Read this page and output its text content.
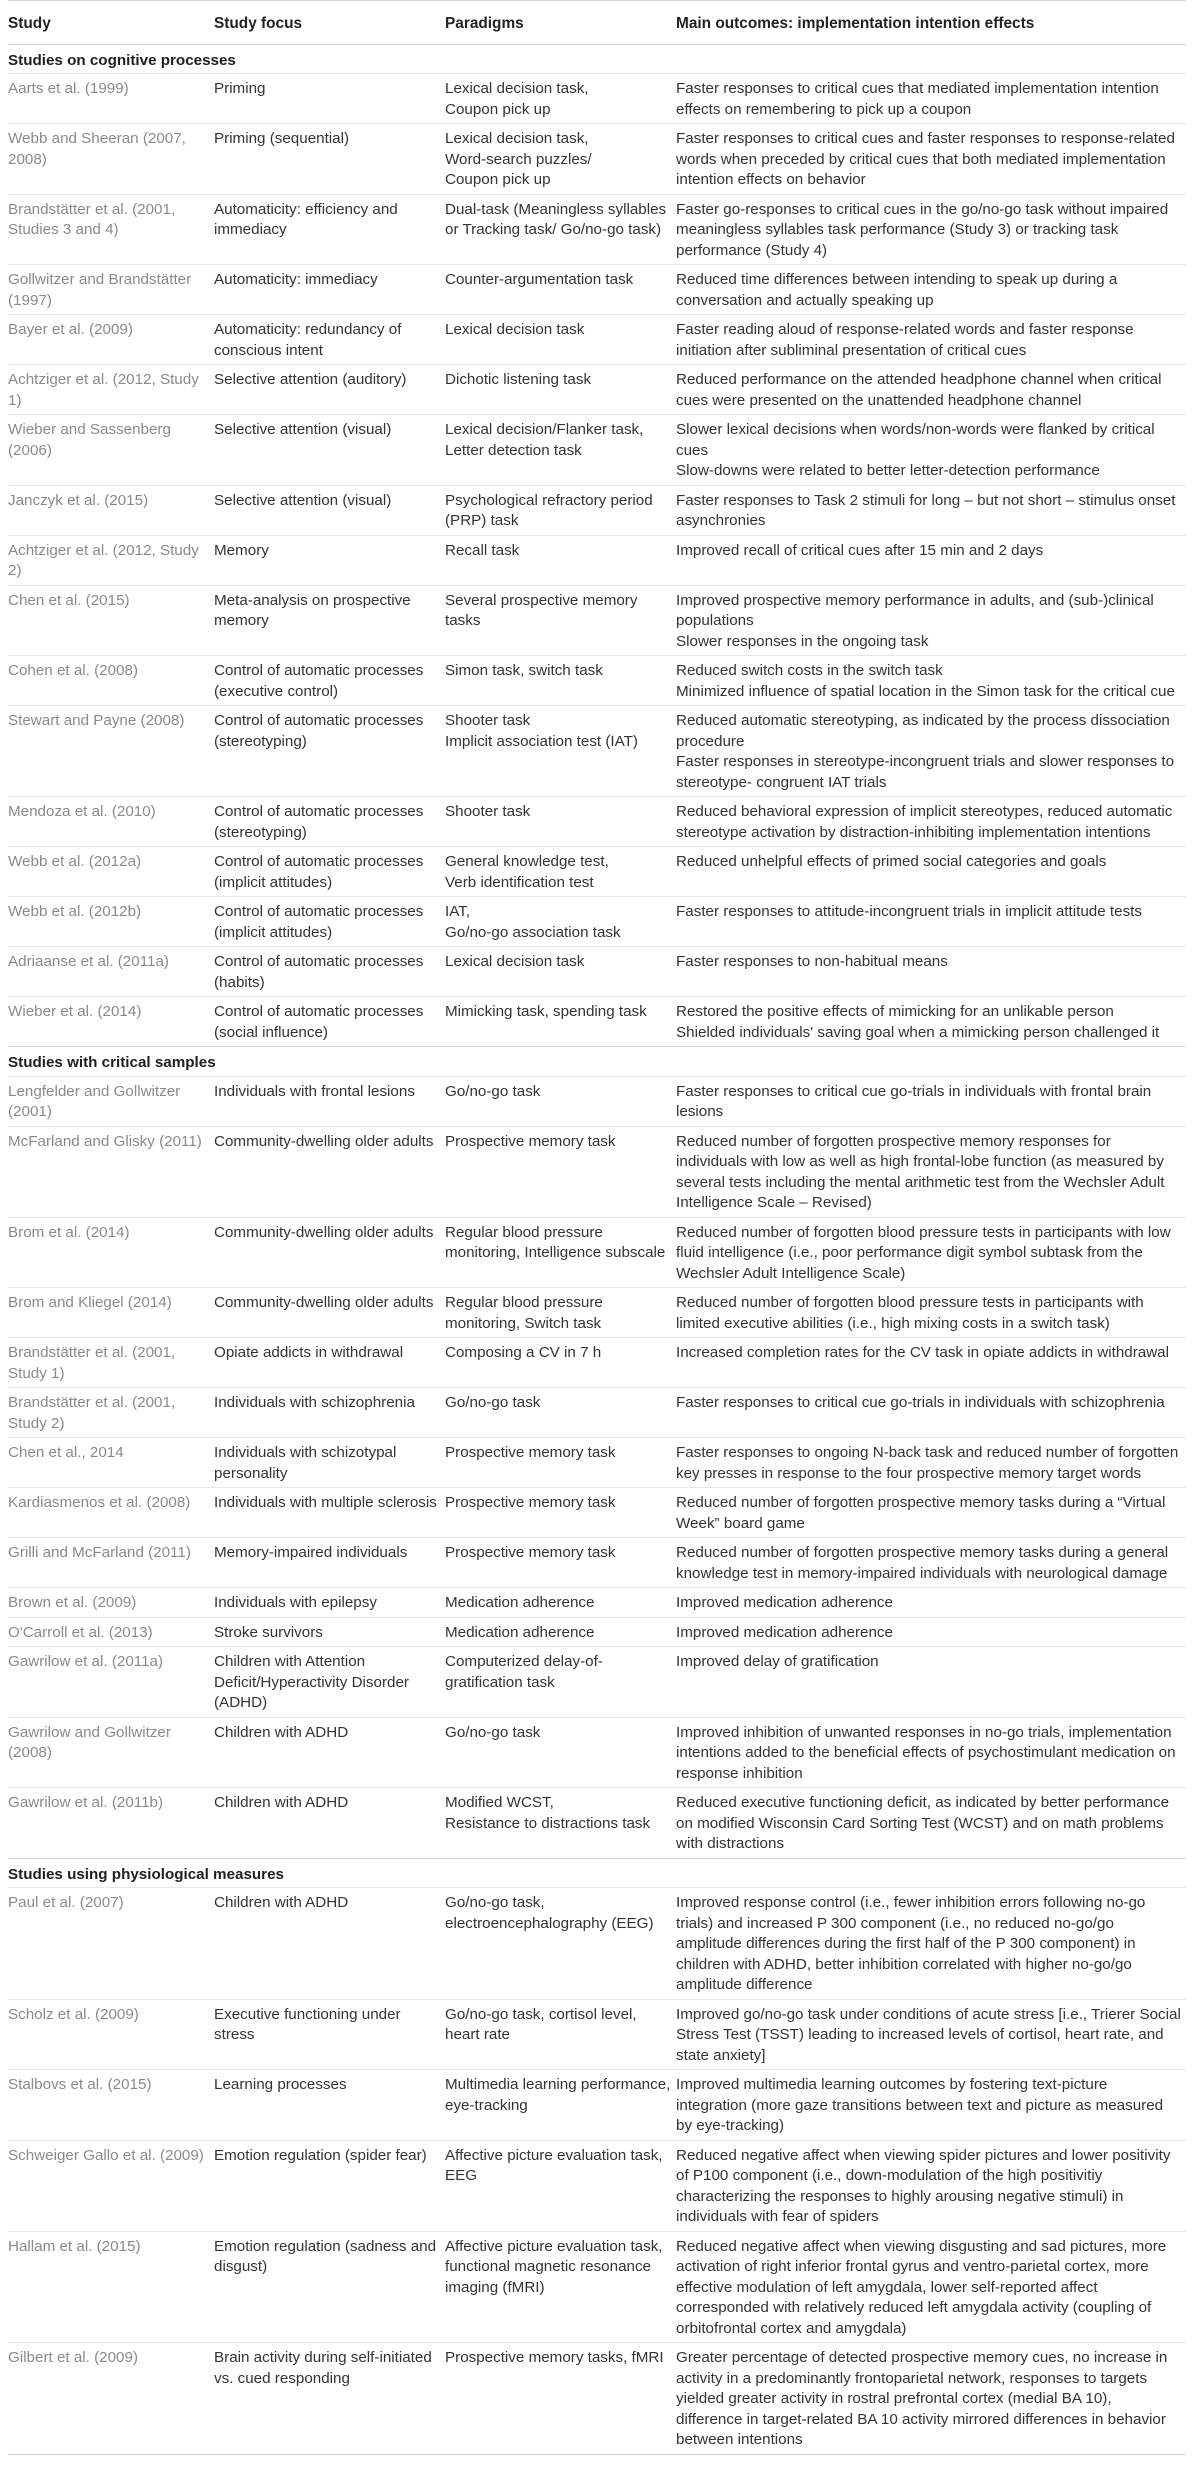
Study	Study focus	Paradigms	Main outcomes: implementation intention effects
Studies on cognitive processes			
Aarts et al. (1999)	Priming	Lexical decision task,
Coupon pick up	Faster responses to critical cues that mediated implementation intention effects on remembering to pick up a coupon

Webb and Sheeran (2007, 2008)	Priming (sequential)	Lexical decision task,
Word-search puzzles/
Coupon pick up	Faster responses to critical cues and faster responses to response-related words when preceded by critical cues that both mediated implementation intention effects on behavior

Brandstätter et al. (2001, Studies 3 and 4)	Automaticity: efficiency and immediacy	Dual-task (Meaningless syllables or Tracking task/ Go/no-go task)	Faster go-responses to critical cues in the go/no-go task without impaired meaningless syllables task performance (Study 3) or tracking task performance (Study 4)

Gollwitzer and Brandstätter (1997)	Automaticity: immediacy	Counter-argumentation task	Reduced time differences between intending to speak up during a conversation and actually speaking up

Bayer et al. (2009)	Automaticity: redundancy of conscious intent	Lexical decision task	Faster reading aloud of response-related words and faster response initiation after subliminal presentation of critical cues

Achtziger et al. (2012, Study 1)	Selective attention (auditory)	Dichotic listening task	Reduced performance on the attended headphone channel when critical cues were presented on the unattended headphone channel

Wieber and Sassenberg (2006)	Selective attention (visual)	Lexical decision/Flanker task,
Letter detection task	Slower lexical decisions when words/non-words were flanked by critical cues
Slow-downs were related to better letter-detection performance

Janczyk et al. (2015)	Selective attention (visual)	Psychological refractory period (PRP) task	Faster responses to Task 2 stimuli for long – but not short – stimulus onset asynchronies

Achtziger et al. (2012, Study 2)	Memory	Recall task	Improved recall of critical cues after 15 min and 2 days

Chen et al. (2015)	Meta-analysis on prospective memory	Several prospective memory tasks	Improved prospective memory performance in adults, and (sub-)clinical populations
Slower responses in the ongoing task

Cohen et al. (2008)	Control of automatic processes (executive control)	Simon task, switch task	Reduced switch costs in the switch task
Minimized influence of spatial location in the Simon task for the critical cue

Stewart and Payne (2008)	Control of automatic processes (stereotyping)	Shooter task
Implicit association test (IAT)	Reduced automatic stereotyping, as indicated by the process dissociation procedure
Faster responses in stereotype-incongruent trials and slower responses to stereotype- congruent IAT trials

Mendoza et al. (2010)	Control of automatic processes (stereotyping)	Shooter task	Reduced behavioral expression of implicit stereotypes, reduced automatic stereotype activation by distraction-inhibiting implementation intentions

Webb et al. (2012a)	Control of automatic processes (implicit attitudes)	General knowledge test,
Verb identification test	Reduced unhelpful effects of primed social categories and goals

Webb et al. (2012b)	Control of automatic processes (implicit attitudes)	IAT,
Go/no-go association task	Faster responses to attitude-incongruent trials in implicit attitude tests

Adriaanse et al. (2011a)	Control of automatic processes (habits)	Lexical decision task	Faster responses to non-habitual means

Wieber et al. (2014)	Control of automatic processes (social influence)	Mimicking task, spending task	Restored the positive effects of mimicking for an unlikable person
Shielded individuals' saving goal when a mimicking person challenged it

Studies with critical samples			
Lengfelder and Gollwitzer (2001)	Individuals with frontal lesions	Go/no-go task	Faster responses to critical cue go-trials in individuals with frontal brain lesions

McFarland and Glisky (2011)	Community-dwelling older adults	Prospective memory task	Reduced number of forgotten prospective memory responses for individuals with low as well as high frontal-lobe function (as measured by several tests including the mental arithmetic test from the Wechsler Adult Intelligence Scale – Revised)

Brom et al. (2014)	Community-dwelling older adults	Regular blood pressure monitoring, Intelligence subscale	Reduced number of forgotten blood pressure tests in participants with low fluid intelligence (i.e., poor performance digit symbol subtask from the Wechsler Adult Intelligence Scale)

Brom and Kliegel (2014)	Community-dwelling older adults	Regular blood pressure monitoring, Switch task	Reduced number of forgotten blood pressure tests in participants with limited executive abilities (i.e., high mixing costs in a switch task)

Brandstätter et al. (2001, Study 1)	Opiate addicts in withdrawal	Composing a CV in 7 h	Increased completion rates for the CV task in opiate addicts in withdrawal

Brandstätter et al. (2001, Study 2)	Individuals with schizophrenia	Go/no-go task	Faster responses to critical cue go-trials in individuals with schizophrenia

Chen et al., 2014	Individuals with schizotypal personality	Prospective memory task	Faster responses to ongoing N-back task and reduced number of forgotten key presses in response to the four prospective memory target words

Kardiasmenos et al. (2008)	Individuals with multiple sclerosis	Prospective memory task	Reduced number of forgotten prospective memory tasks during a “Virtual Week” board game

Grilli and McFarland (2011)	Memory-impaired individuals	Prospective memory task	Reduced number of forgotten prospective memory tasks during a general knowledge test in memory-impaired individuals with neurological damage

Brown et al. (2009)	Individuals with epilepsy	Medication adherence	Improved medication adherence

O'Carroll et al. (2013)	Stroke survivors	Medication adherence	Improved medication adherence

Gawrilow et al. (2011a)	Children with Attention Deficit/Hyperactivity Disorder (ADHD)	Computerized delay-of-gratification task	Improved delay of gratification

Gawrilow and Gollwitzer (2008)	Children with ADHD	Go/no-go task	Improved inhibition of unwanted responses in no-go trials, implementation intentions added to the beneficial effects of psychostimulant medication on response inhibition

Gawrilow et al. (2011b)	Children with ADHD	Modified WCST,
Resistance to distractions task	Reduced executive functioning deficit, as indicated by better performance on modified Wisconsin Card Sorting Test (WCST) and on math problems with distractions

Studies using physiological measures			
Paul et al. (2007)	Children with ADHD	Go/no-go task, electroencephalography (EEG)	Improved response control (i.e., fewer inhibition errors following no-go trials) and increased P 300 component (i.e., no reduced no-go/go amplitude differences during the first half of the P 300 component) in children with ADHD, better inhibition correlated with higher no-go/go amplitude difference

Scholz et al. (2009)	Executive functioning under stress	Go/no-go task, cortisol level, heart rate	Improved go/no-go task under conditions of acute stress [i.e., Trierer Social Stress Test (TSST) leading to increased levels of cortisol, heart rate, and state anxiety]

Stalbovs et al. (2015)	Learning processes	Multimedia learning performance, eye-tracking	Improved multimedia learning outcomes by fostering text-picture integration (more gaze transitions between text and picture as measured by eye-tracking)

Schweiger Gallo et al. (2009)	Emotion regulation (spider fear)	Affective picture evaluation task, EEG	Reduced negative affect when viewing spider pictures and lower positivity of P100 component (i.e., down-modulation of the high positivitiy characterizing the responses to highly arousing negative stimuli) in individuals with fear of spiders

Hallam et al. (2015)	Emotion regulation (sadness and disgust)	Affective picture evaluation task, functional magnetic resonance imaging (fMRI)	Reduced negative affect when viewing disgusting and sad pictures, more activation of right inferior frontal gyrus and ventro-parietal cortex, more effective modulation of left amygdala, lower self-reported affect corresponded with relatively reduced left amygdala activity (coupling of orbitofrontal cortex and amygdala)

Gilbert et al. (2009)	Brain activity during self-initiated vs. cued responding	Prospective memory tasks, fMRI	Greater percentage of detected prospective memory cues, no increase in activity in a predominantly frontoparietal network, responses to targets yielded greater activity in rostral prefrontal cortex (medial BA 10), difference in target-related BA 10 activity mirrored differences in behavior between intentions
